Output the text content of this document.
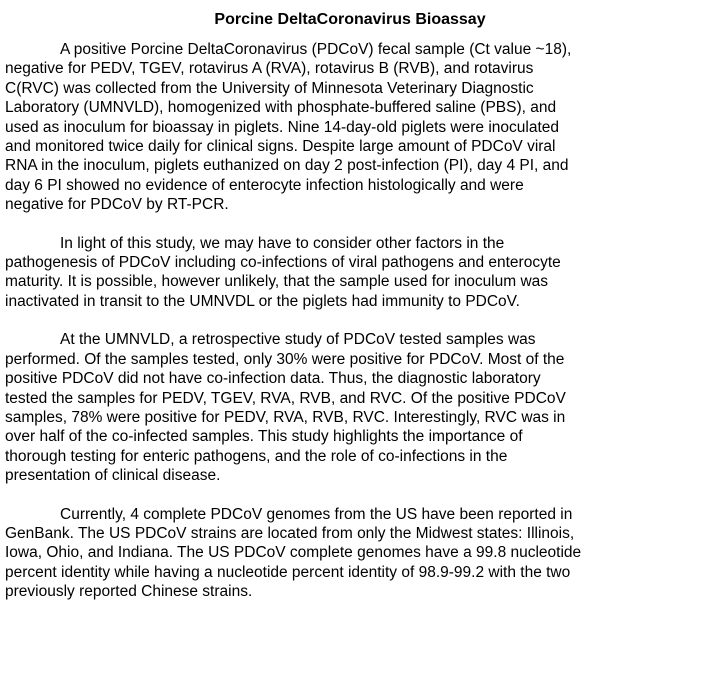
Porcine DeltaCoronavirus Bioassay
A positive Porcine DeltaCoronavirus (PDCoV) fecal sample (Ct value ~18),
negative for PEDV, TGEV, rotavirus A (RVA), rotavirus B (RVB), and rotavirus
C(RVC) was collected from the University of Minnesota Veterinary Diagnostic
Laboratory (UMNVLD), homogenized with phosphate-buffered saline (PBS), and
used as inoculum for bioassay in piglets. Nine 14-day-old piglets were inoculated
and monitored twice daily for clinical signs. Despite large amount of PDCoV viral
RNA in the inoculum, piglets euthanized on day 2 post-infection (PI), day 4 PI, and
day 6 PI showed no evidence of enterocyte infection histologically and were
negative for PDCoV by RT-PCR.
In light of this study, we may have to consider other factors in the
pathogenesis of PDCoV including co-infections of viral pathogens and enterocyte
maturity. It is possible, however unlikely, that the sample used for inoculum was
inactivated in transit to the UMNVDL or the piglets had immunity to PDCoV.
At the UMNVLD, a retrospective study of PDCoV tested samples was
performed. Of the samples tested, only 30% were positive for PDCoV. Most of the
positive PDCoV did not have co-infection data. Thus, the diagnostic laboratory
tested the samples for PEDV, TGEV, RVA, RVB, and RVC. Of the positive PDCoV
samples, 78% were positive for PEDV, RVA, RVB, RVC. Interestingly, RVC was in
over half of the co-infected samples. This study highlights the importance of
thorough testing for enteric pathogens, and the role of co-infections in the
presentation of clinical disease.
Currently, 4 complete PDCoV genomes from the US have been reported in
GenBank. The US PDCoV strains are located from only the Midwest states: Illinois,
Iowa, Ohio, and Indiana. The US PDCoV complete genomes have a 99.8 nucleotide
percent identity while having a nucleotide percent identity of 98.9-99.2 with the two
previously reported Chinese strains.
